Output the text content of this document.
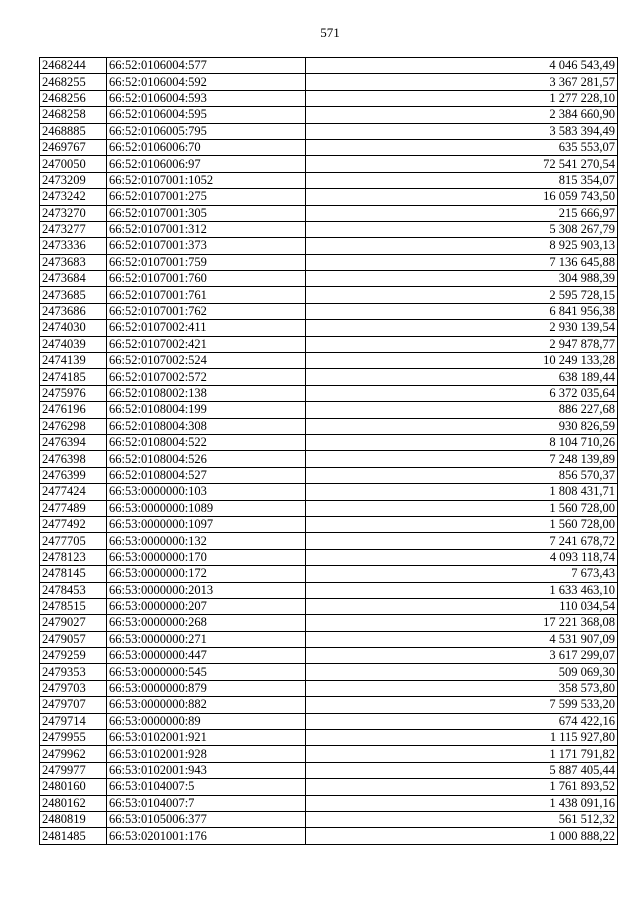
571
2468244	66:52:0106004:577	4 046 543,49
2468255	66:52:0106004:592	3 367 281,57
2468256	66:52:0106004:593	1 277 228,10
2468258	66:52:0106004:595	2 384 660,90
2468885	66:52:0106005:795	3 583 394,49
2469767	66:52:0106006:70	635 553,07
2470050	66:52:0106006:97	72 541 270,54
2473209	66:52:0107001:1052	815 354,07
2473242	66:52:0107001:275	16 059 743,50
2473270	66:52:0107001:305	215 666,97
2473277	66:52:0107001:312	5 308 267,79
2473336	66:52:0107001:373	8 925 903,13
2473683	66:52:0107001:759	7 136 645,88
2473684	66:52:0107001:760	304 988,39
2473685	66:52:0107001:761	2 595 728,15
2473686	66:52:0107001:762	6 841 956,38
2474030	66:52:0107002:411	2 930 139,54
2474039	66:52:0107002:421	2 947 878,77
2474139	66:52:0107002:524	10 249 133,28
2474185	66:52:0107002:572	638 189,44
2475976	66:52:0108002:138	6 372 035,64
2476196	66:52:0108004:199	886 227,68
2476298	66:52:0108004:308	930 826,59
2476394	66:52:0108004:522	8 104 710,26
2476398	66:52:0108004:526	7 248 139,89
2476399	66:52:0108004:527	856 570,37
2477424	66:53:0000000:103	1 808 431,71
2477489	66:53:0000000:1089	1 560 728,00
2477492	66:53:0000000:1097	1 560 728,00
2477705	66:53:0000000:132	7 241 678,72
2478123	66:53:0000000:170	4 093 118,74
2478145	66:53:0000000:172	7 673,43
2478453	66:53:0000000:2013	1 633 463,10
2478515	66:53:0000000:207	110 034,54
2479027	66:53:0000000:268	17 221 368,08
2479057	66:53:0000000:271	4 531 907,09
2479259	66:53:0000000:447	3 617 299,07
2479353	66:53:0000000:545	509 069,30
2479703	66:53:0000000:879	358 573,80
2479707	66:53:0000000:882	7 599 533,20
2479714	66:53:0000000:89	674 422,16
2479955	66:53:0102001:921	1 115 927,80
2479962	66:53:0102001:928	1 171 791,82
2479977	66:53:0102001:943	5 887 405,44
2480160	66:53:0104007:5	1 761 893,52
2480162	66:53:0104007:7	1 438 091,16
2480819	66:53:0105006:377	561 512,32
2481485	66:53:0201001:176	1 000 888,22
